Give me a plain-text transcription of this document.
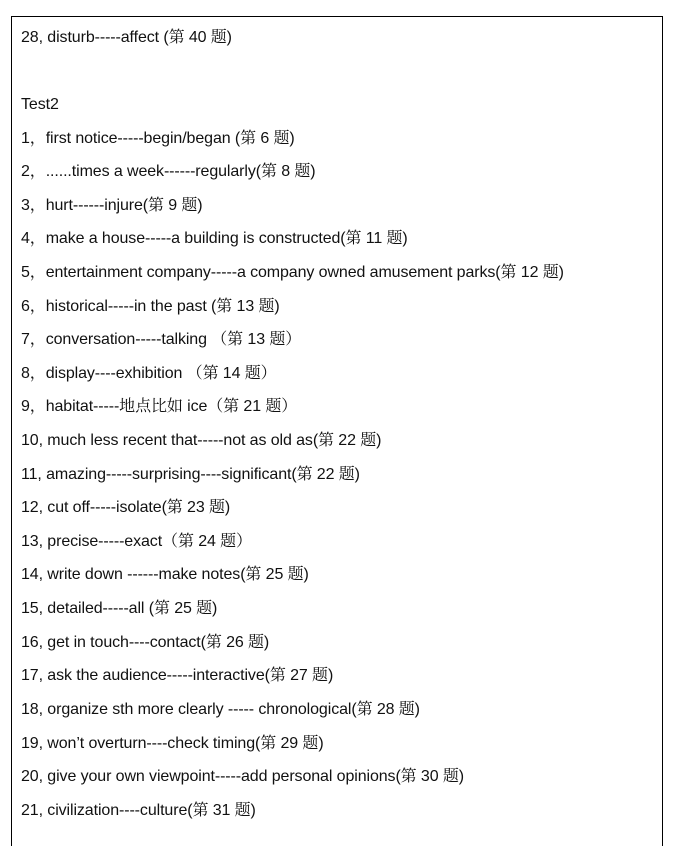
28, disturb-----affect (第 40 题)
Test2
1，first notice-----begin/began (第 6 题)
2，......times a week------regularly(第 8 题)
3，hurt------injure(第 9 题)
4，make a house-----a building is constructed(第 11 题)
5，entertainment company-----a company owned amusement parks(第 12 题)
6，historical-----in the past (第 13 题)
7，conversation-----talking （第 13 题）
8，display----exhibition （第 14 题）
9，habitat-----地点比如 ice（第 21 题）
10, much less recent that-----not as old as(第 22 题)
11, amazing-----surprising----significant(第 22 题)
12, cut off-----isolate(第 23 题)
13, precise-----exact（第 24 题）
14, write down ------make notes(第 25 题)
15, detailed-----all (第 25 题)
16, get in touch----contact(第 26 题)
17, ask the audience-----interactive(第 27 题)
18, organize sth more clearly ----- chronological(第 28 题)
19, won’t overturn----check timing(第 29 题)
20, give your own viewpoint-----add personal opinions(第 30 题)
21, civilization----culture(第 31 题)
